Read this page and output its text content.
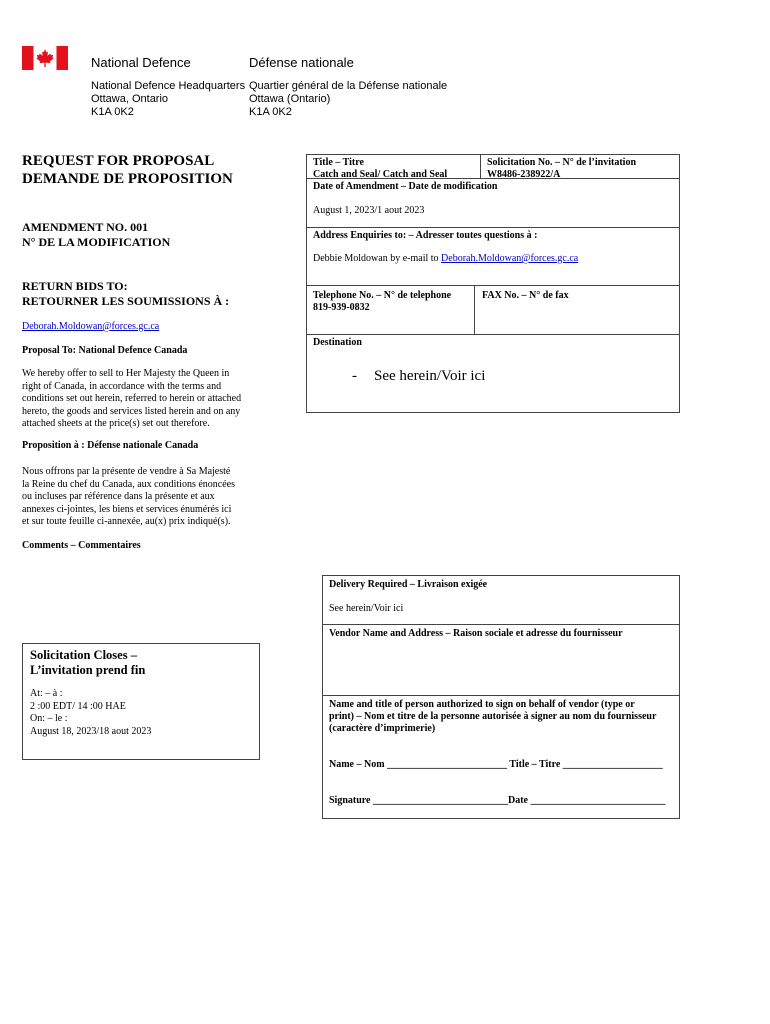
National Defence	Défense nationale
National Defence Headquarters
Ottawa, Ontario
K1A 0K2
Quartier général de la Défense nationale
Ottawa (Ontario)
K1A 0K2
REQUEST FOR PROPOSAL
DEMANDE DE PROPOSITION
AMENDMENT NO. 001
N° DE LA MODIFICATION
RETURN BIDS TO:
RETOURNER LES SOUMISSIONS À :
Deborah.Moldowan@forces.gc.ca
Proposal To: National Defence Canada
We hereby offer to sell to Her Majesty the Queen in
right of Canada, in accordance with the terms and
conditions set out herein, referred to herein or attached
hereto, the goods and services listed herein and on any
attached sheets at the price(s) set out therefore.
Proposition à : Défense nationale Canada
Nous offrons par la présente de vendre à Sa Majesté
la Reine du chef du Canada, aux conditions énoncées
ou incluses par référence dans la présente et aux
annexes ci-jointes, les biens et services énumérés ici
et sur toute feuille ci-annexée, au(x) prix indiqué(s).
Comments – Commentaires
Solicitation Closes –
L’invitation prend fin
At: – à :
2 :00 EDT/ 14 :00 HAE
On: – le :
August 18, 2023/18 aout 2023
Title – Titre
Catch and Seal/ Catch and Seal
Solicitation No. – N° de l’invitation
W8486-238922/A
Date of Amendment – Date de modification
August 1, 2023/1 aout 2023
Address Enquiries to: – Adresser toutes questions à :
Debbie Moldowan by e-mail to Deborah.Moldowan@forces.gc.ca
Telephone No. – N° de telephone
819-939-0832
FAX No. – N° de fax
Destination
- See herein/Voir ici
Delivery Required – Livraison exigée
See herein/Voir ici
Vendor Name and Address – Raison sociale et adresse du fournisseur
Name and title of person authorized to sign on behalf of vendor (type or
print) – Nom et titre de la personne autorisée à signer au nom du fournisseur
(caractère d’imprimerie)
Name – Nom ________________________ Title – Titre ____________________
Signature ___________________________Date ___________________________
